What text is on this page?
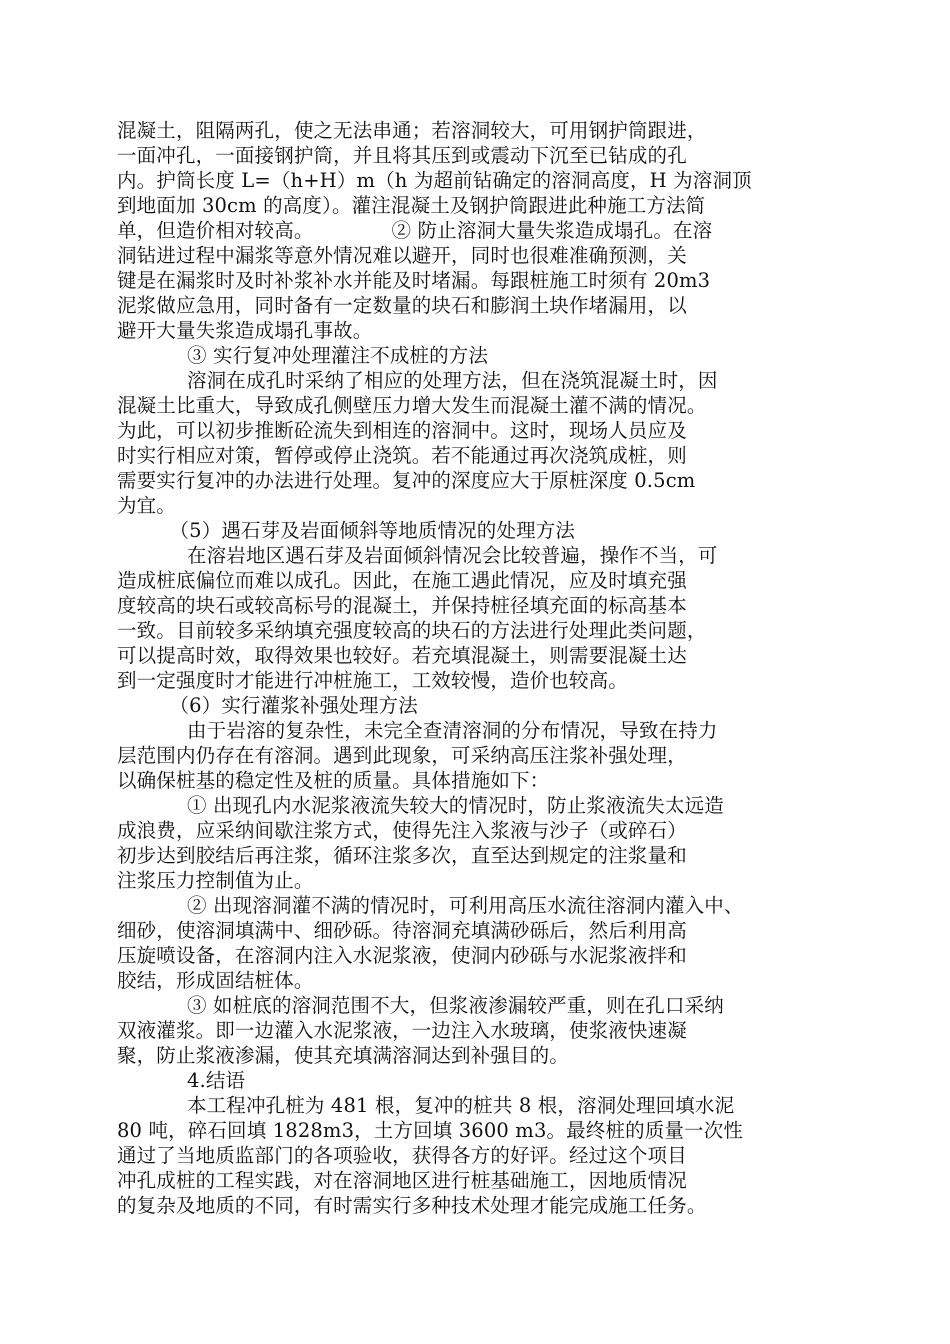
混凝土，阻隔两孔，使之无法串通；若溶洞较大，可用钢护筒跟进，
一面冲孔，一面接钢护筒，并且将其压到或震动下沉至已钻成的孔
内。护筒长度 L=（h+H）m（h 为超前钻确定的溶洞高度，H 为溶洞顶
到地面加 30cm 的高度）。灌注混凝土及钢护筒跟进此种施工方法简
单，但造价相对较高。	② 防止溶洞大量失浆造成塌孔。在溶
洞钻进过程中漏浆等意外情况难以避开，同时也很难准确预测，关
键是在漏浆时及时补浆补水并能及时堵漏。每跟桩施工时须有 20m3
泥浆做应急用，同时备有一定数量的块石和膨润土块作堵漏用，以
避开大量失浆造成塌孔事故。
③ 实行复冲处理灌注不成桩的方法
溶洞在成孔时采纳了相应的处理方法，但在浇筑混凝土时，因
混凝土比重大，导致成孔侧壁压力增大发生而混凝土灌不满的情况。
为此，可以初步推断砼流失到相连的溶洞中。这时，现场人员应及
时实行相应对策，暂停或停止浇筑。若不能通过再次浇筑成桩，则
需要实行复冲的办法进行处理。复冲的深度应大于原桩深度 0.5cm
为宜。
（5）遇石芽及岩面倾斜等地质情况的处理方法
在溶岩地区遇石芽及岩面倾斜情况会比较普遍，操作不当，可
造成桩底偏位而难以成孔。因此，在施工遇此情况，应及时填充强
度较高的块石或较高标号的混凝土，并保持桩径填充面的标高基本
一致。目前较多采纳填充强度较高的块石的方法进行处理此类问题，
可以提高时效，取得效果也较好。若充填混凝土，则需要混凝土达
到一定强度时才能进行冲桩施工，工效较慢，造价也较高。
（6）实行灌浆补强处理方法
由于岩溶的复杂性，未完全查清溶洞的分布情况，导致在持力
层范围内仍存在有溶洞。遇到此现象，可采纳高压注浆补强处理，
以确保桩基的稳定性及桩的质量。具体措施如下：
① 出现孔内水泥浆液流失较大的情况时，防止浆液流失太远造
成浪费，应采纳间歇注浆方式，使得先注入浆液与沙子（或碎石）
初步达到胶结后再注浆，循环注浆多次，直至达到规定的注浆量和
注浆压力控制值为止。
② 出现溶洞灌不满的情况时，可利用高压水流往溶洞内灌入中、
细砂，使溶洞填满中、细砂砾。待溶洞充填满砂砾后，然后利用高
压旋喷设备，在溶洞内注入水泥浆液，使洞内砂砾与水泥浆液拌和
胶结，形成固结桩体。
③ 如桩底的溶洞范围不大，但浆液渗漏较严重，则在孔口采纳
双液灌浆。即一边灌入水泥浆液，一边注入水玻璃，使浆液快速凝
聚，防止浆液渗漏，使其充填满溶洞达到补强目的。
4.结语
本工程冲孔桩为 481 根，复冲的桩共 8 根，溶洞处理回填水泥
80 吨，碎石回填 1828m3，土方回填 3600 m3。最终桩的质量一次性
通过了当地质监部门的各项验收，获得各方的好评。经过这个项目
冲孔成桩的工程实践，对在溶洞地区进行桩基础施工，因地质情况
的复杂及地质的不同，有时需实行多种技术处理才能完成施工任务。
